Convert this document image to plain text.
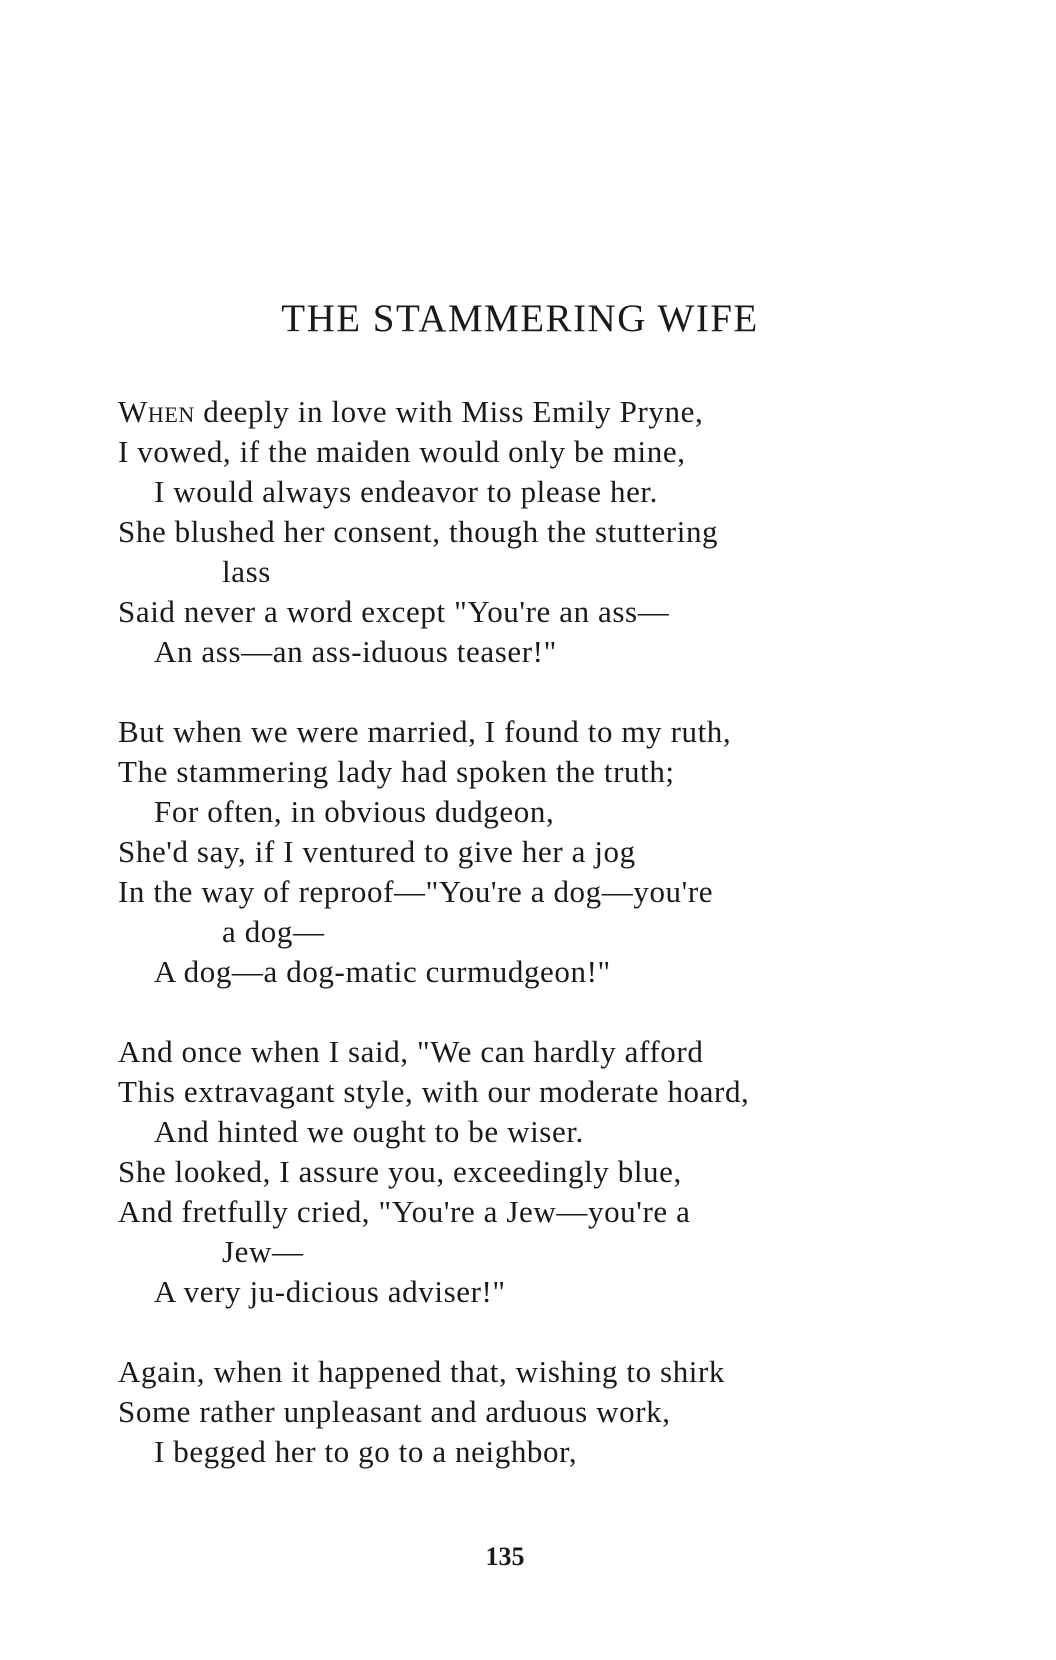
THE STAMMERING WIFE
When deeply in love with Miss Emily Pryne,
I vowed, if the maiden would only be mine,
I would always endeavor to please her.
She blushed her consent, though the stuttering
lass
Said never a word except "You're an ass—
An ass—an ass-iduous teaser!"
But when we were married, I found to my ruth,
The stammering lady had spoken the truth;
For often, in obvious dudgeon,
She'd say, if I ventured to give her a jog
In the way of reproof—"You're a dog—you're
a dog—
A dog—a dog-matic curmudgeon!"
And once when I said, "We can hardly afford
This extravagant style, with our moderate hoard,
And hinted we ought to be wiser.
She looked, I assure you, exceedingly blue,
And fretfully cried, "You're a Jew—you're a
Jew—
A very ju-dicious adviser!"
Again, when it happened that, wishing to shirk
Some rather unpleasant and arduous work,
I begged her to go to a neighbor,
135
